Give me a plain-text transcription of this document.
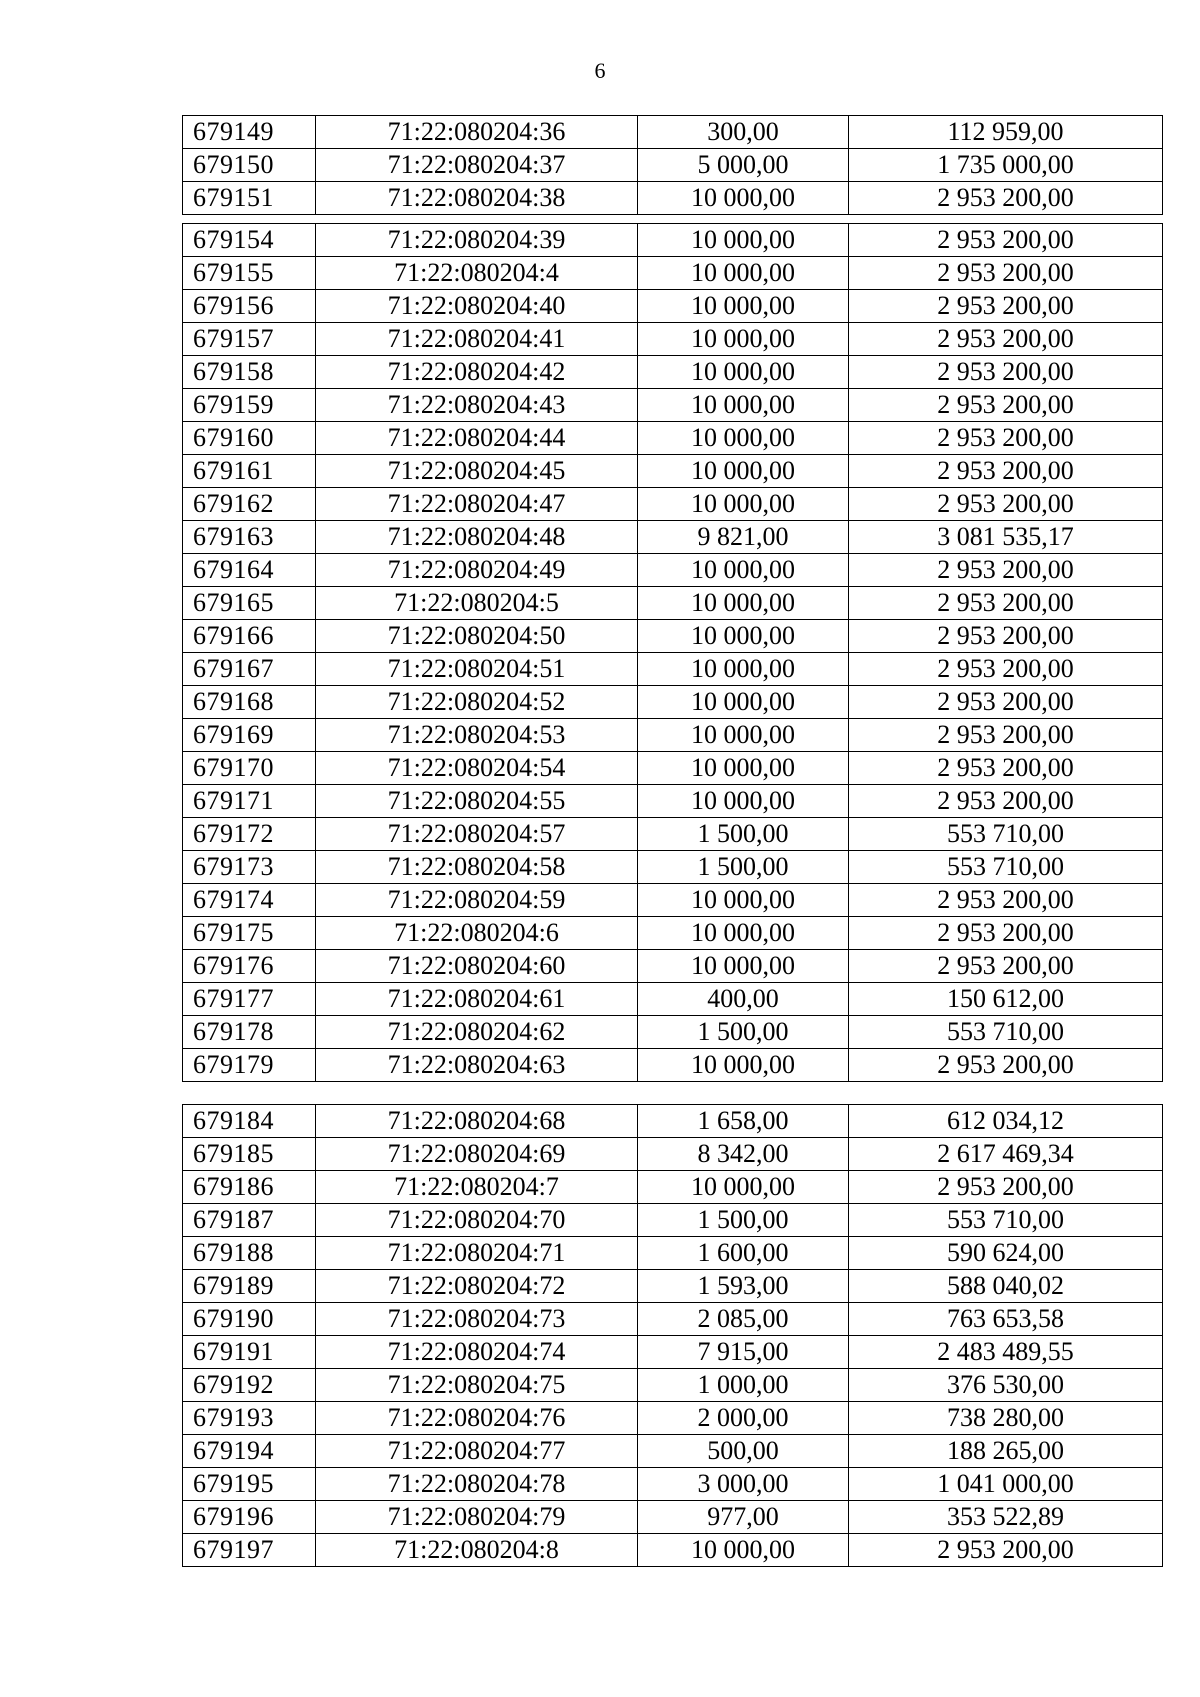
6
679149	71:22:080204:36	300,00	112 959,00
679150	71:22:080204:37	5 000,00	1 735 000,00
679151	71:22:080204:38	10 000,00	2 953 200,00
679154	71:22:080204:39	10 000,00	2 953 200,00
679155	71:22:080204:4	10 000,00	2 953 200,00
679156	71:22:080204:40	10 000,00	2 953 200,00
679157	71:22:080204:41	10 000,00	2 953 200,00
679158	71:22:080204:42	10 000,00	2 953 200,00
679159	71:22:080204:43	10 000,00	2 953 200,00
679160	71:22:080204:44	10 000,00	2 953 200,00
679161	71:22:080204:45	10 000,00	2 953 200,00
679162	71:22:080204:47	10 000,00	2 953 200,00
679163	71:22:080204:48	9 821,00	3 081 535,17
679164	71:22:080204:49	10 000,00	2 953 200,00
679165	71:22:080204:5	10 000,00	2 953 200,00
679166	71:22:080204:50	10 000,00	2 953 200,00
679167	71:22:080204:51	10 000,00	2 953 200,00
679168	71:22:080204:52	10 000,00	2 953 200,00
679169	71:22:080204:53	10 000,00	2 953 200,00
679170	71:22:080204:54	10 000,00	2 953 200,00
679171	71:22:080204:55	10 000,00	2 953 200,00
679172	71:22:080204:57	1 500,00	553 710,00
679173	71:22:080204:58	1 500,00	553 710,00
679174	71:22:080204:59	10 000,00	2 953 200,00
679175	71:22:080204:6	10 000,00	2 953 200,00
679176	71:22:080204:60	10 000,00	2 953 200,00
679177	71:22:080204:61	400,00	150 612,00
679178	71:22:080204:62	1 500,00	553 710,00
679179	71:22:080204:63	10 000,00	2 953 200,00
679184	71:22:080204:68	1 658,00	612 034,12
679185	71:22:080204:69	8 342,00	2 617 469,34
679186	71:22:080204:7	10 000,00	2 953 200,00
679187	71:22:080204:70	1 500,00	553 710,00
679188	71:22:080204:71	1 600,00	590 624,00
679189	71:22:080204:72	1 593,00	588 040,02
679190	71:22:080204:73	2 085,00	763 653,58
679191	71:22:080204:74	7 915,00	2 483 489,55
679192	71:22:080204:75	1 000,00	376 530,00
679193	71:22:080204:76	2 000,00	738 280,00
679194	71:22:080204:77	500,00	188 265,00
679195	71:22:080204:78	3 000,00	1 041 000,00
679196	71:22:080204:79	977,00	353 522,89
679197	71:22:080204:8	10 000,00	2 953 200,00
